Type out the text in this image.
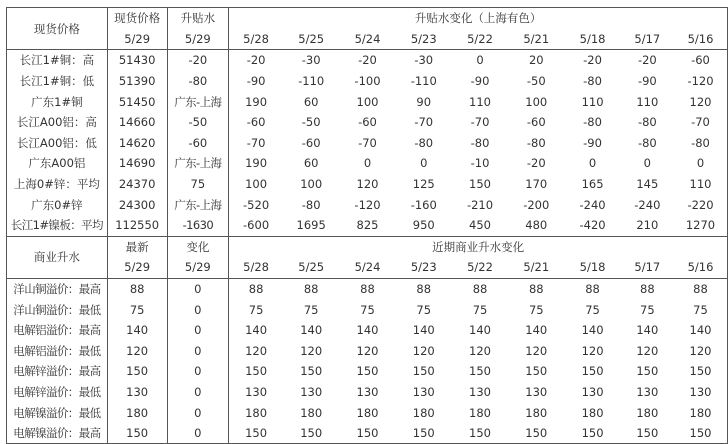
现货价格	现货价格	升贴水	升贴水变化（上海有色）								
	5/29	5/29	5/28	5/25	5/24	5/23	5/22	5/21	5/18	5/17	5/16
长江1#铜：高	51430	-20	-20	-30	-20	-30	0	20	-20	-20	-60
长江1#铜：低	51390	-80	-90	-110	-100	-110	-90	-50	-80	-90	-120
广东1#铜	51450	广东-上海	190	60	100	90	110	100	110	110	120
长江A00铝：高	14660	-50	-60	-50	-60	-70	-70	-60	-80	-80	-70
长江A00铝：低	14620	-60	-70	-60	-70	-80	-80	-80	-90	-80	-80
广东A00铝	14690	广东-上海	190	60	0	0	-10	-20	0	0	0
上海0#锌：平均	24370	75	100	100	120	125	150	170	165	145	110
广东0#锌	24300	广东-上海	-520	-80	-120	-160	-210	-200	-240	-240	-220
长江1#镍板：平均	112550	-1630	-600	1695	825	950	450	480	-420	210	1270
商业升水	最新	变化	近期商业升水变化								
	5/29	5/29	5/28	5/25	5/24	5/23	5/22	5/21	5/18	5/17	5/16
洋山铜溢价：最高	88	0	88	88	88	88	88	88	88	88	88
洋山铜溢价：最低	75	0	75	75	75	75	75	75	75	75	75
电解铝溢价：最高	140	0	140	140	140	140	140	140	140	140	140
电解铝溢价：最低	120	0	120	120	120	120	120	120	120	120	120
电解锌溢价：最高	150	0	150	150	150	150	150	150	150	150	150
电解锌溢价：最低	130	0	130	130	130	130	130	130	130	130	130
电解镍溢价：最低	180	0	180	180	180	180	180	180	180	180	180
电解镍溢价：最高	150	0	150	150	150	150	150	150	150	150	150
